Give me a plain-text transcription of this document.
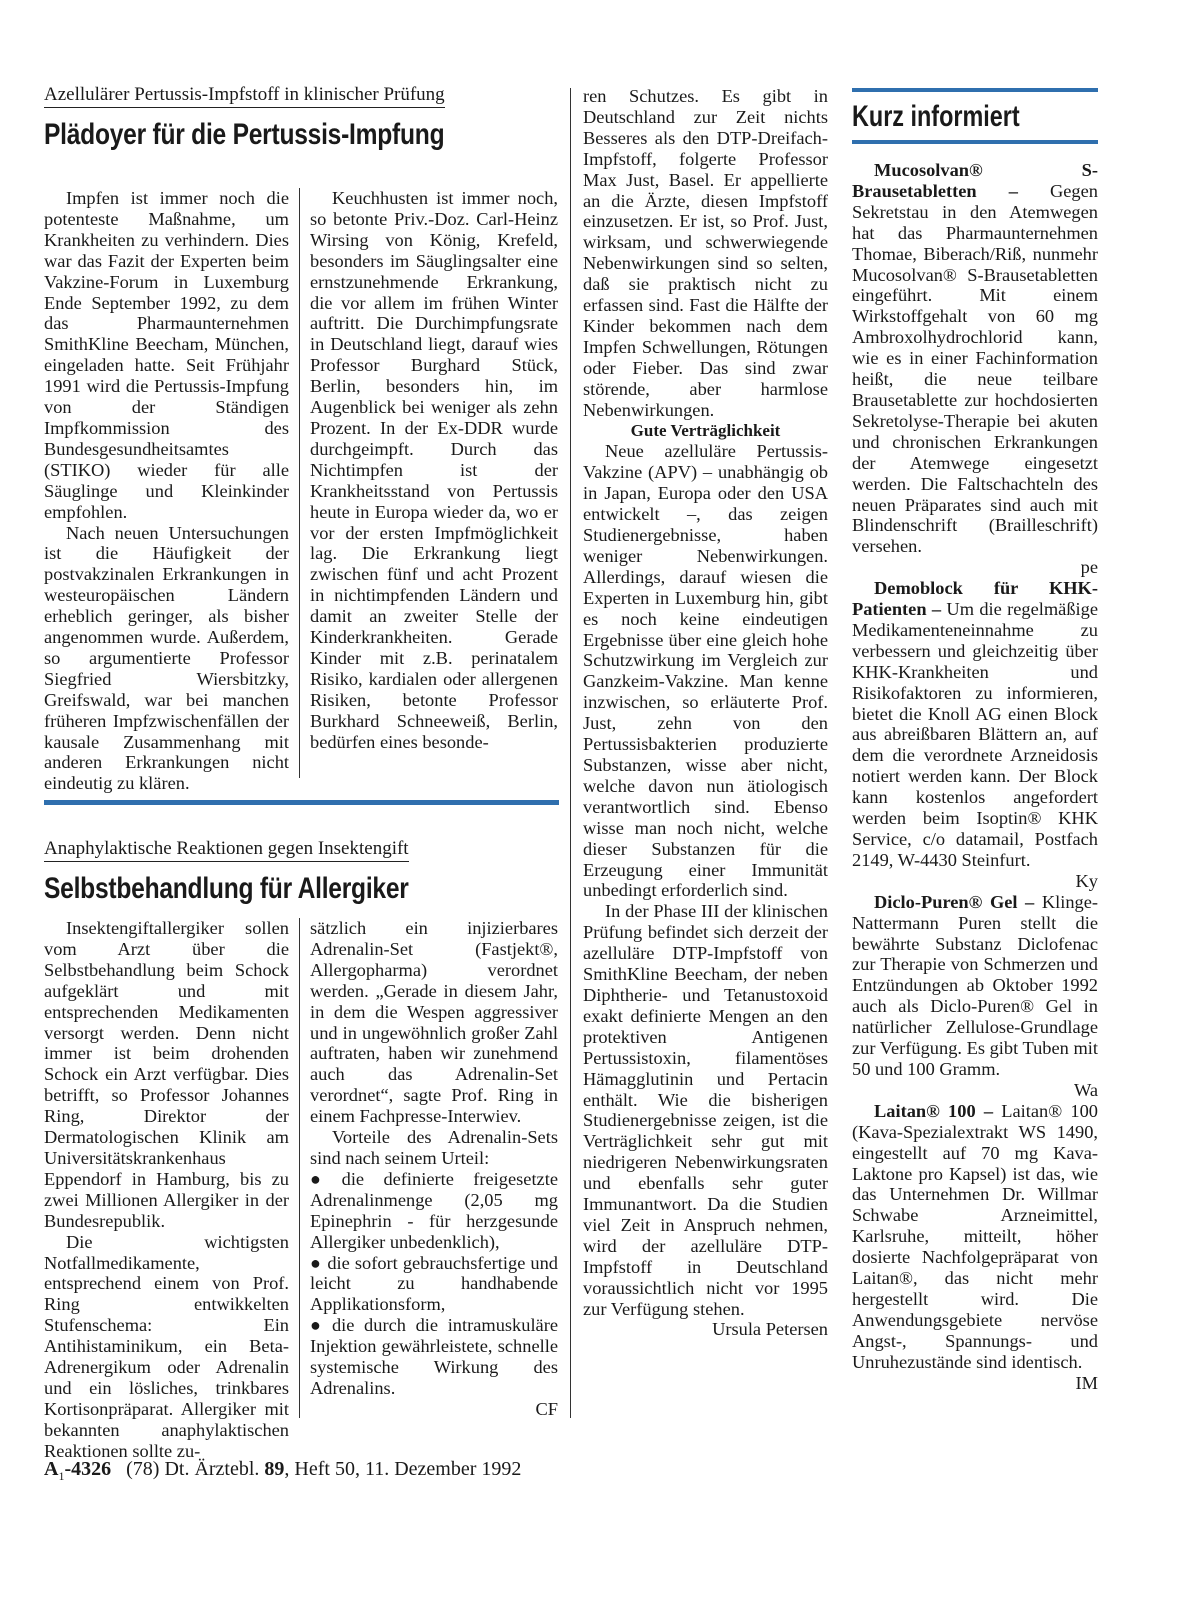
Azellulärer Pertussis-Impfstoff in klinischer Prüfung
Plädoyer für die Pertussis-Impfung

Impfen ist immer noch die potenteste Maßnahme, um Krankheiten zu verhindern. Dies war das Fazit der Experten beim Vakzine-Forum in Luxemburg Ende September 1992, zu dem das Pharmaunternehmen SmithKline Beecham, München, eingeladen hatte. Seit Frühjahr 1991 wird die Pertussis-Impfung von der Ständigen Impfkommission des Bundesgesundheitsamtes (STIKO) wieder für alle Säuglinge und Kleinkinder empfohlen.

Nach neuen Untersuchungen ist die Häufigkeit der postvakzinalen Erkrankungen in westeuropäischen Ländern erheblich geringer, als bisher angenommen wurde. Außerdem, so argumentierte Professor Siegfried Wiersbitzky, Greifswald, war bei manchen früheren Impfzwischenfällen der kausale Zusammenhang mit anderen Erkrankungen nicht eindeutig zu klären.

Keuchhusten ist immer noch, so betonte Priv.-Doz. Carl-Heinz Wirsing von König, Krefeld, besonders im Säuglingsalter eine ernstzunehmende Erkrankung, die vor allem im frühen Winter auftritt. Die Durchimpfungsrate in Deutschland liegt, darauf wies Professor Burghard Stück, Berlin, besonders hin, im Augenblick bei weniger als zehn Prozent. In der Ex-DDR wurde durchgeimpft. Durch das Nichtimpfen ist der Krankheitsstand von Pertussis heute in Europa wieder da, wo er vor der ersten Impfmöglichkeit lag. Die Erkrankung liegt zwischen fünf und acht Prozent in nichtimpfenden Ländern und damit an zweiter Stelle der Kinderkrankheiten. Gerade Kinder mit z.B. perinatalem Risiko, kardialen oder allergenen Risiken, betonte Professor Burkhard Schneeweiß, Berlin, bedürfen eines besonde-

ren Schutzes. Es gibt in Deutschland zur Zeit nichts Besseres als den DTP-Dreifach-Impfstoff, folgerte Professor Max Just, Basel. Er appellierte an die Ärzte, diesen Impfstoff einzusetzen. Er ist, so Prof. Just, wirksam, und schwerwiegende Nebenwirkungen sind so selten, daß sie praktisch nicht zu erfassen sind. Fast die Hälfte der Kinder bekommen nach dem Impfen Schwellungen, Rötungen oder Fieber. Das sind zwar störende, aber harmlose Nebenwirkungen.

Gute Verträglichkeit

Neue azelluläre Pertussis-Vakzine (APV) – unabhängig ob in Japan, Europa oder den USA entwickelt –, das zeigen Studienergebnisse, haben weniger Nebenwirkungen. Allerdings, darauf wiesen die Experten in Luxemburg hin, gibt es noch keine eindeutigen Ergebnisse über eine gleich hohe Schutzwirkung im Vergleich zur Ganzkeim-Vakzine. Man kenne inzwischen, so erläuterte Prof. Just, zehn von den Pertussisbakterien produzierte Substanzen, wisse aber nicht, welche davon nun ätiologisch verantwortlich sind. Ebenso wisse man noch nicht, welche dieser Substanzen für die Erzeugung einer Immunität unbedingt erforderlich sind.

In der Phase III der klinischen Prüfung befindet sich derzeit der azelluläre DTP-Impfstoff von SmithKline Beecham, der neben Diphtherie- und Tetanustoxoid exakt definierte Mengen an den protektiven Antigenen Pertussistoxin, filamentöses Hämagglutinin und Pertacin enthält. Wie die bisherigen Studienergebnisse zeigen, ist die Verträglichkeit sehr gut mit niedrigeren Nebenwirkungsraten und ebenfalls sehr guter Immunantwort. Da die Studien viel Zeit in Anspruch nehmen, wird der azelluläre DTP-Impfstoff in Deutschland voraussichtlich nicht vor 1995 zur Verfügung stehen.

Ursula Petersen

Anaphylaktische Reaktionen gegen Insektengift
Selbstbehandlung für Allergiker

Insektengiftallergiker sollen vom Arzt über die Selbstbehandlung beim Schock aufgeklärt und mit entsprechenden Medikamenten versorgt werden. Denn nicht immer ist beim drohenden Schock ein Arzt verfügbar. Dies betrifft, so Professor Johannes Ring, Direktor der Dermatologischen Klinik am Universitätskrankenhaus Eppendorf in Hamburg, bis zu zwei Millionen Allergiker in der Bundesrepublik.

Die wichtigsten Notfallmedikamente, entsprechend einem von Prof. Ring entwikkelten Stufenschema: Ein Antihistaminikum, ein Beta-Adrenergikum oder Adrenalin und ein lösliches, trinkbares Kortisonpräparat. Allergiker mit bekannten anaphylaktischen Reaktionen sollte zu-

sätzlich ein injizierbares Adrenalin-Set (Fastjekt®, Allergopharma) verordnet werden. „Gerade in diesem Jahr, in dem die Wespen aggressiver und in ungewöhnlich großer Zahl auftraten, haben wir zunehmend auch das Adrenalin-Set verordnet“, sagte Prof. Ring in einem Fachpresse-Interwiev.

Vorteile des Adrenalin-Sets sind nach seinem Urteil:

● die definierte freigesetzte Adrenalinmenge (2,05 mg Epinephrin - für herzgesunde Allergiker unbedenklich),

● die sofort gebrauchsfertige und leicht zu handhabende Applikationsform,

● die durch die intramuskuläre Injektion gewährleistete, schnelle systemische Wirkung des Adrenalins.

CF

Kurz informiert

Mucosolvan® S-Brausetabletten – Gegen Sekretstau in den Atemwegen hat das Pharmaunternehmen Thomae, Biberach/Riß, nunmehr Mucosolvan® S-Brausetabletten eingeführt. Mit einem Wirkstoffgehalt von 60 mg Ambroxolhydrochlorid kann, wie es in einer Fachinformation heißt, die neue teilbare Brausetablette zur hochdosierten Sekretolyse-Therapie bei akuten und chronischen Erkrankungen der Atemwege eingesetzt werden. Die Faltschachteln des neuen Präparates sind auch mit Blindenschrift (Brailleschrift) versehen.

pe

Demoblock für KHK-Patienten – Um die regelmäßige Medikamenteneinnahme zu verbessern und gleichzeitig über KHK-Krankheiten und Risikofaktoren zu informieren, bietet die Knoll AG einen Block aus abreißbaren Blättern an, auf dem die verordnete Arzneidosis notiert werden kann. Der Block kann kostenlos angefordert werden beim Isoptin® KHK Service, c/o datamail, Postfach 2149, W-4430 Steinfurt.

Ky

Diclo-Puren® Gel – Klinge-Nattermann Puren stellt die bewährte Substanz Diclofenac zur Therapie von Schmerzen und Entzündungen ab Oktober 1992 auch als Diclo-Puren® Gel in natürlicher Zellulose-Grundlage zur Verfügung. Es gibt Tuben mit 50 und 100 Gramm.

Wa

Laitan® 100 – Laitan® 100 (Kava-Spezialextrakt WS 1490, eingestellt auf 70 mg Kava-Laktone pro Kapsel) ist das, wie das Unternehmen Dr. Willmar Schwabe Arzneimittel, Karlsruhe, mitteilt, höher dosierte Nachfolgepräparat von Laitan®, das nicht mehr hergestellt wird. Die Anwendungsgebiete nervöse Angst-, Spannungs- und Unruhezustände sind identisch.

IM

$A_1-4326$ (78) Dt. Ärztebl. 89, Heft 50, 11. Dezember 1992
